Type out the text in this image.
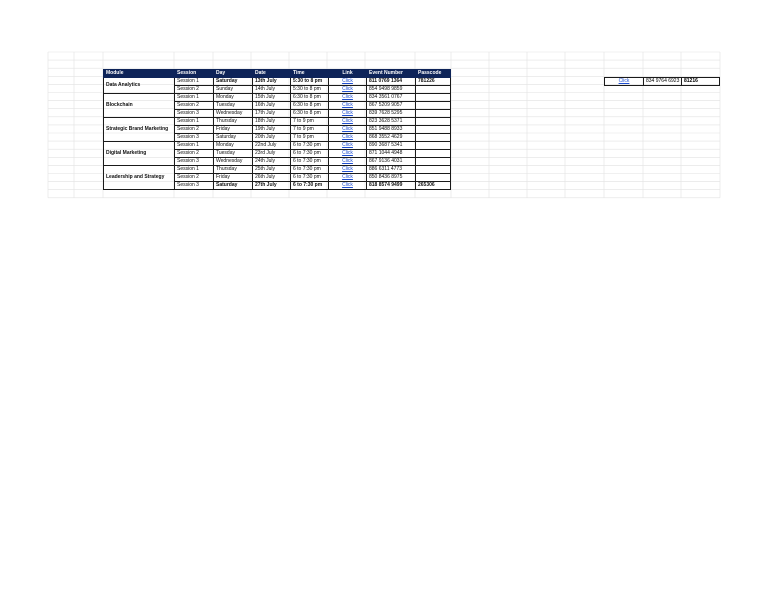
Module	Session	Day	Date	Time	Link	Event Number	Passcode
Data Analytics	Session 1	Saturday	13th July	5:30 to 8 pm	Click	811 0769 1364	781226
	Session 2	Sunday	14th July	5:30 to 8 pm	Click	854 9498 9859	
Blockchain	Session 1	Monday	15th July	6:30 to 8 pm	Click	834 3561 0767	
	Session 2	Tuesday	16th July	6:30 to 8 pm	Click	867 5209 9057	
	Session 3	Wednesday	17th July	6:30 to 8 pm	Click	839 7628 5295	
Strategic Brand Marketing	Session 1	Thursday	18th July	7 to 9 pm	Click	823 3628 5371	
	Session 2	Friday	19th July	7 to 9 pm	Click	851 9488 8933	
	Session 3	Saturday	20th July	7 to 9 pm	Click	868 3552 4629	
Digital Marketing	Session 1	Monday	22nd July	6 to 7:30 pm	Click	890 3687 5341	
	Session 2	Tuesday	23rd July	6 to 7:30 pm	Click	871 1044 4948	
	Session 3	Wednesday	24th July	6 to 7:30 pm	Click	867 9136 4031	
Leadership and Strategy	Session 1	Thursday	25th July	6 to 7:30 pm	Click	886 6311 4773	
	Session 2	Friday	26th July	6 to 7:30 pm	Click	850 8436 8975	
	Session 3	Saturday	27th July	6 to 7:30 pm	Click	818 8574 9499	265306
Click	834 9764 6923	81216
